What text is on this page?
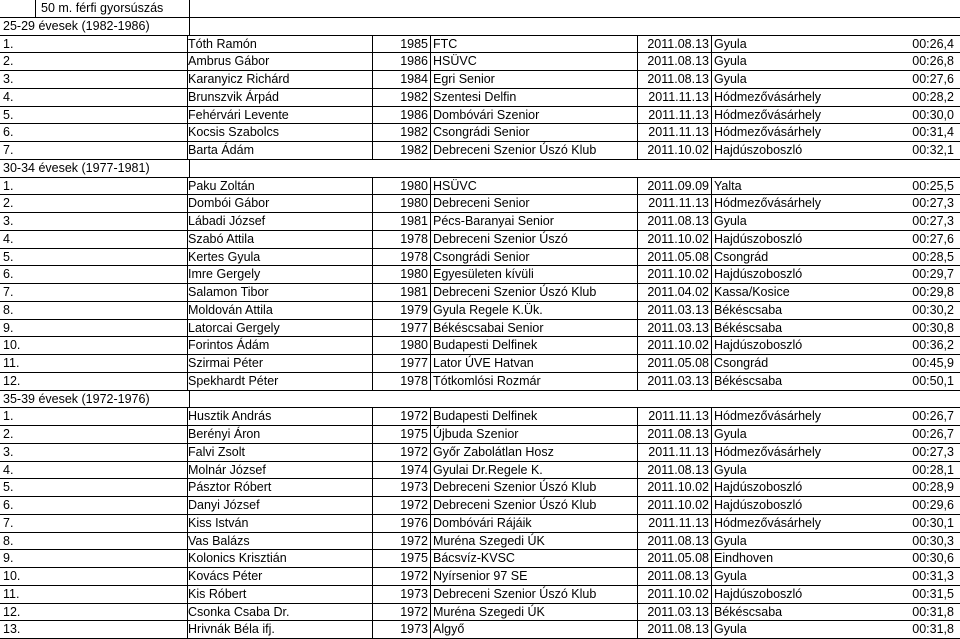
50 m. férfi gyorsúszás
25-29 évesek (1982-1986)
1.	Tóth Ramón	1985 FTC	2011.08.13 Gyula	00:26,4
2.	Ambrus Gábor	1986 HSÜVC	2011.08.13 Gyula	00:26,8
3.	Karanyicz Richárd	1984 Egri Senior	2011.08.13 Gyula	00:27,6
4.	Brunszvik Árpád	1982 Szentesi Delfin	2011.11.13 Hódmezővásárhely	00:28,2
5.	Fehérvári Levente	1986 Dombóvári Szenior	2011.11.13 Hódmezővásárhely	00:30,0
6.	Kocsis Szabolcs	1982 Csongrádi Senior	2011.11.13 Hódmezővásárhely	00:31,4
7.	Barta Ádám	1982 Debreceni Szenior Úszó Klub	2011.10.02 Hajdúszoboszló	00:32,1
30-34 évesek (1977-1981)
1.	Paku Zoltán	1980 HSÜVC	2011.09.09 Yalta	00:25,5
2.	Dombói Gábor	1980 Debreceni Senior	2011.11.13 Hódmezővásárhely	00:27,3
3.	Lábadi József	1981 Pécs-Baranyai Senior	2011.08.13 Gyula	00:27,3
4.	Szabó Attila	1978 Debreceni Szenior Úszó	2011.10.02 Hajdúszoboszló	00:27,6
5.	Kertes Gyula	1978 Csongrádi Senior	2011.05.08 Csongrád	00:28,5
6.	Imre Gergely	1980 Egyesületen kívüli	2011.10.02 Hajdúszoboszló	00:29,7
7.	Salamon Tibor	1981 Debreceni Szenior Úszó Klub	2011.04.02 Kassa/Kosice	00:29,8
8.	Moldován Attila	1979 Gyula Regele K.Ük.	2011.03.13 Békéscsaba	00:30,2
9.	Latorcai Gergely	1977 Békéscsabai Senior	2011.03.13 Békéscsaba	00:30,8
10.	Forintos Ádám	1980 Budapesti Delfinek	2011.10.02 Hajdúszoboszló	00:36,2
11.	Szirmai Péter	1977 Lator ÚVE Hatvan	2011.05.08 Csongrád	00:45,9
12.	Spekhardt Péter	1978 Tótkomlósi Rozmár	2011.03.13 Békéscsaba	00:50,1
35-39 évesek (1972-1976)
1.	Husztik András	1972 Budapesti Delfinek	2011.11.13 Hódmezővásárhely	00:26,7
2.	Berényi Áron	1975 Újbuda Szenior	2011.08.13 Gyula	00:26,7
3.	Falvi Zsolt	1972 Győr Zabolátlan Hosz	2011.11.13 Hódmezővásárhely	00:27,3
4.	Molnár József	1974 Gyulai Dr.Regele K.	2011.08.13 Gyula	00:28,1
5.	Pásztor Róbert	1973 Debreceni Szenior Úszó Klub	2011.10.02 Hajdúszoboszló	00:28,9
6.	Danyi József	1972 Debreceni Szenior Úszó Klub	2011.10.02 Hajdúszoboszló	00:29,6
7.	Kiss István	1976 Dombóvári Rájáik	2011.11.13 Hódmezővásárhely	00:30,1
8.	Vas Balázs	1972 Muréna Szegedi ÚK	2011.08.13 Gyula	00:30,3
9.	Kolonics Krisztián	1975 Bácsvíz-KVSC	2011.05.08 Eindhoven	00:30,6
10.	Kovács Péter	1972 Nyírsenior 97 SE	2011.08.13 Gyula	00:31,3
11.	Kis Róbert	1973 Debreceni Szenior Úszó Klub	2011.10.02 Hajdúszoboszló	00:31,5
12.	Csonka Csaba Dr.	1972 Muréna Szegedi ÚK	2011.03.13 Békéscsaba	00:31,8
13.	Hrivnák Béla ifj.	1973 Algyő	2011.08.13 Gyula	00:31,8
